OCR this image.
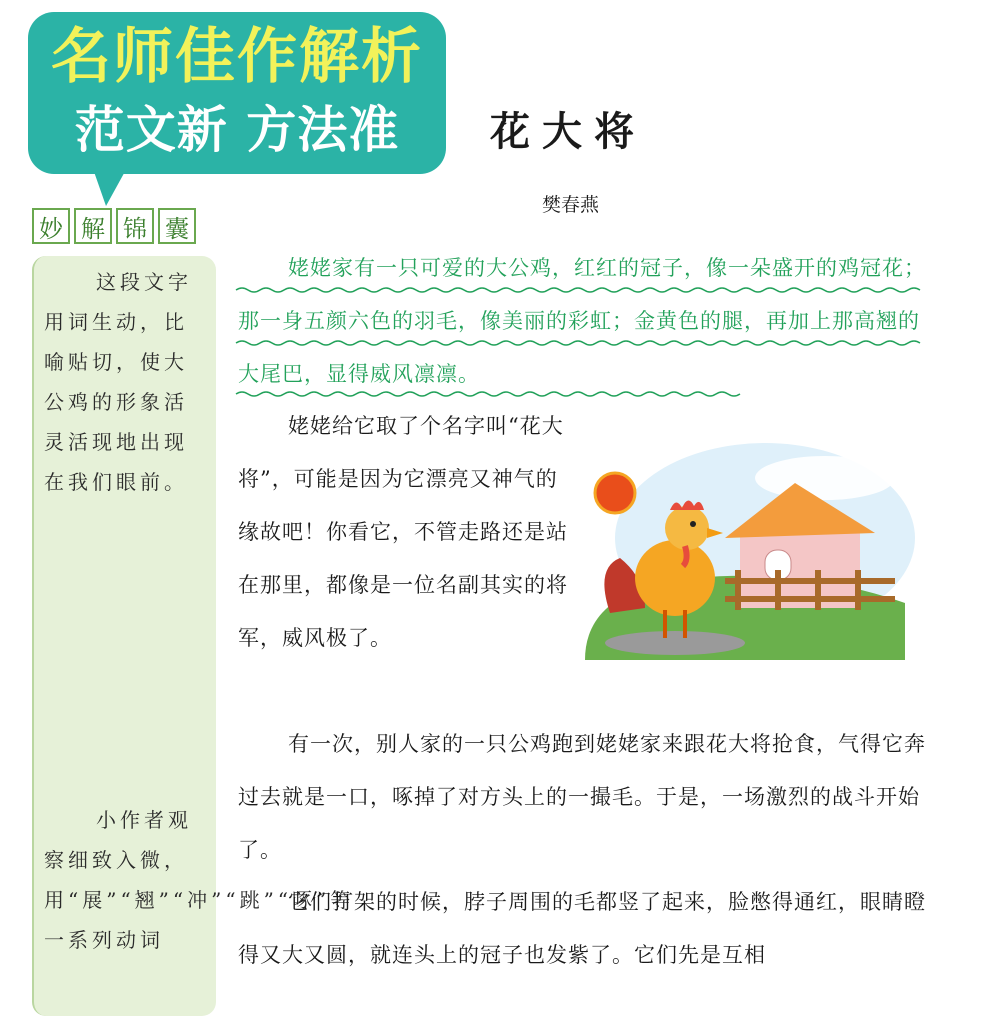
名师佳作解析
范文新 方法准
妙 解 锦 囊
这段文字用词生动，比喻贴切，使大公鸡的形象活灵活现地出现在我们眼前。
小作者观察细致入微，用“展”“翘”“冲”“跳”“啄”等一系列动词
花大将
樊春燕
姥姥家有一只可爱的大公鸡，红红的冠子，像一朵盛开的鸡冠花；那一身五颜六色的羽毛，像美丽的彩虹；金黄色的腿，再加上那高翘的大尾巴，显得威风凛凛。
姥姥给它取了个名字叫“花大将”，可能是因为它漂亮又神气的缘故吧！你看它，不管走路还是站在那里，都像是一位名副其实的将军，威风极了。
有一次，别人家的一只公鸡跑到姥姥家来跟花大将抢食，气得它奔过去就是一口，啄掉了对方头上的一撮毛。于是，一场激烈的战斗开始了。
它们打架的时候，脖子周围的毛都竖了起来，脸憋得通红，眼睛瞪得又大又圆，就连头上的冠子也发紫了。它们先是互相
